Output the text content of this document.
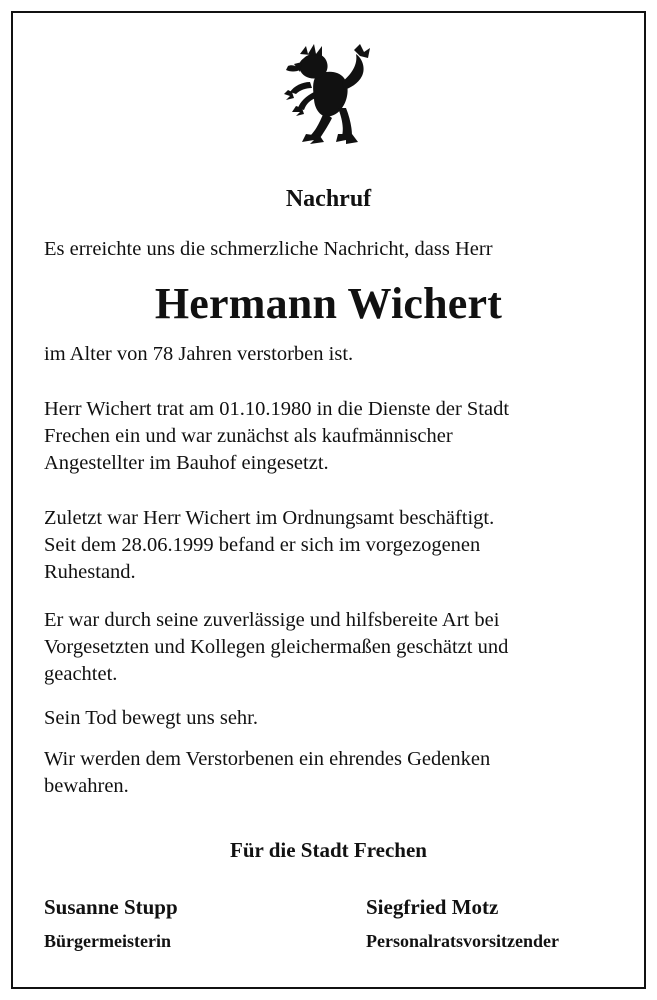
Nachruf
Es erreichte uns die schmerzliche Nachricht, dass Herr
Hermann Wichert
im Alter von 78 Jahren verstorben ist.
Herr Wichert trat am 01.10.1980 in die Dienste der Stadt
Frechen ein und war zunächst als kaufmännischer
Angestellter im Bauhof eingesetzt.
Zuletzt war Herr Wichert im Ordnungsamt beschäftigt.
Seit dem 28.06.1999 befand er sich im vorgezogenen
Ruhestand.
Er war durch seine zuverlässige und hilfsbereite Art bei
Vorgesetzten und Kollegen gleichermaßen geschätzt und
geachtet.
Sein Tod bewegt uns sehr.
Wir werden dem Verstorbenen ein ehrendes Gedenken
bewahren.
Für die Stadt Frechen
Susanne Stupp
Bürgermeisterin
Siegfried Motz
Personalratsvorsitzender
